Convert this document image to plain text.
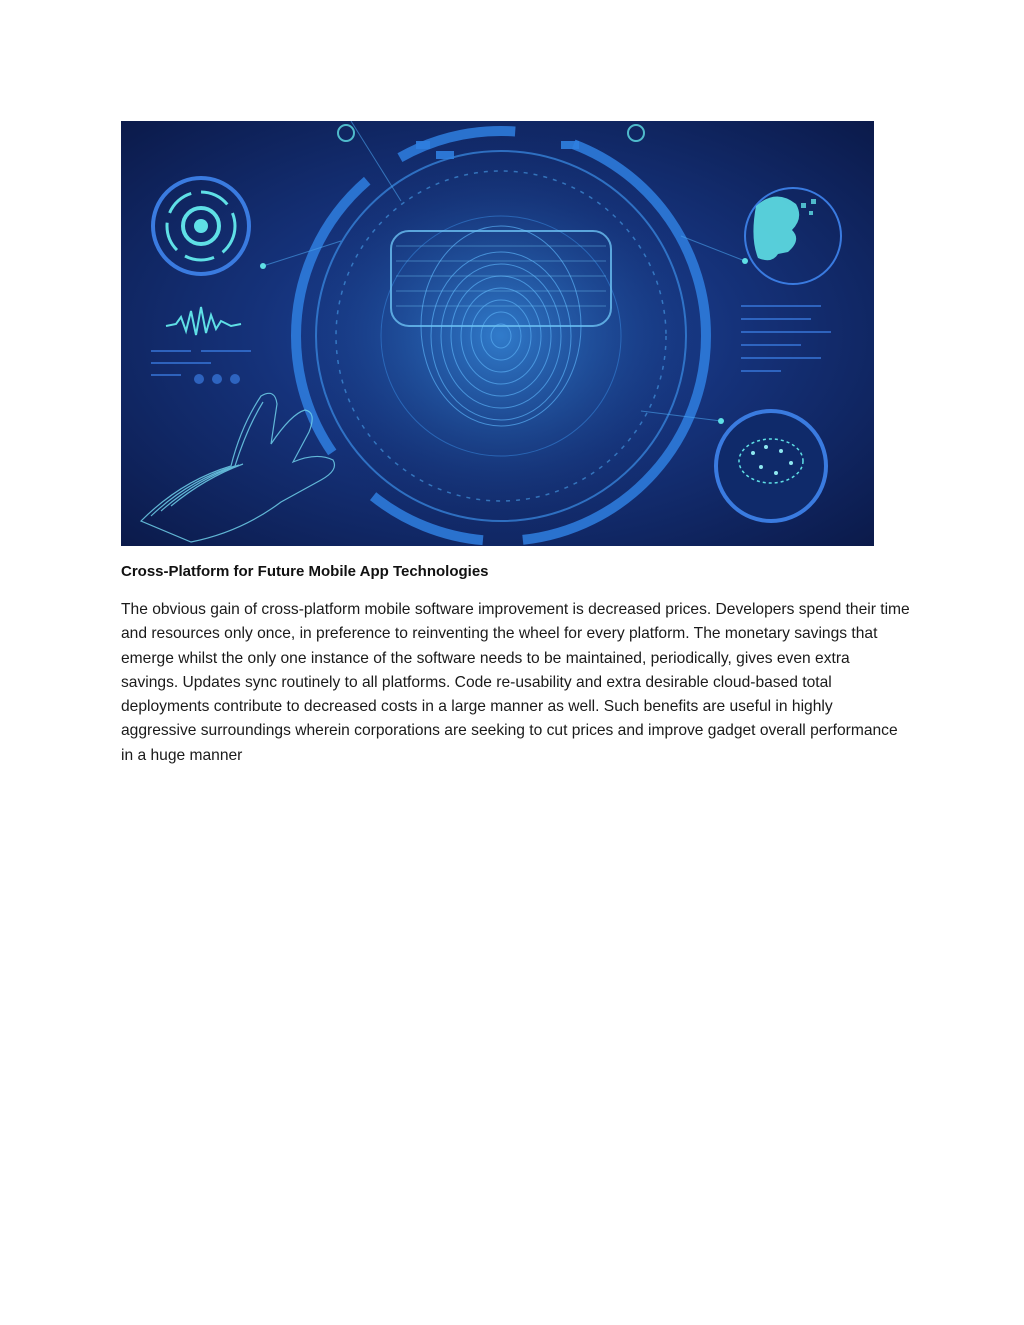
Cross-Platform for Future Mobile App Technologies

The obvious gain of cross-platform mobile software improvement is decreased prices. Developers spend their time and resources only once, in preference to reinventing the wheel for every platform. The monetary savings that emerge whilst the only one instance of the software needs to be maintained, periodically, gives even extra savings. Updates sync routinely to all platforms. Code re-usability and extra desirable cloud-based total deployments contribute to decreased costs in a large manner as well. Such benefits are useful in highly aggressive surroundings wherein corporations are seeking to cut prices and improve gadget overall performance in a huge manner
